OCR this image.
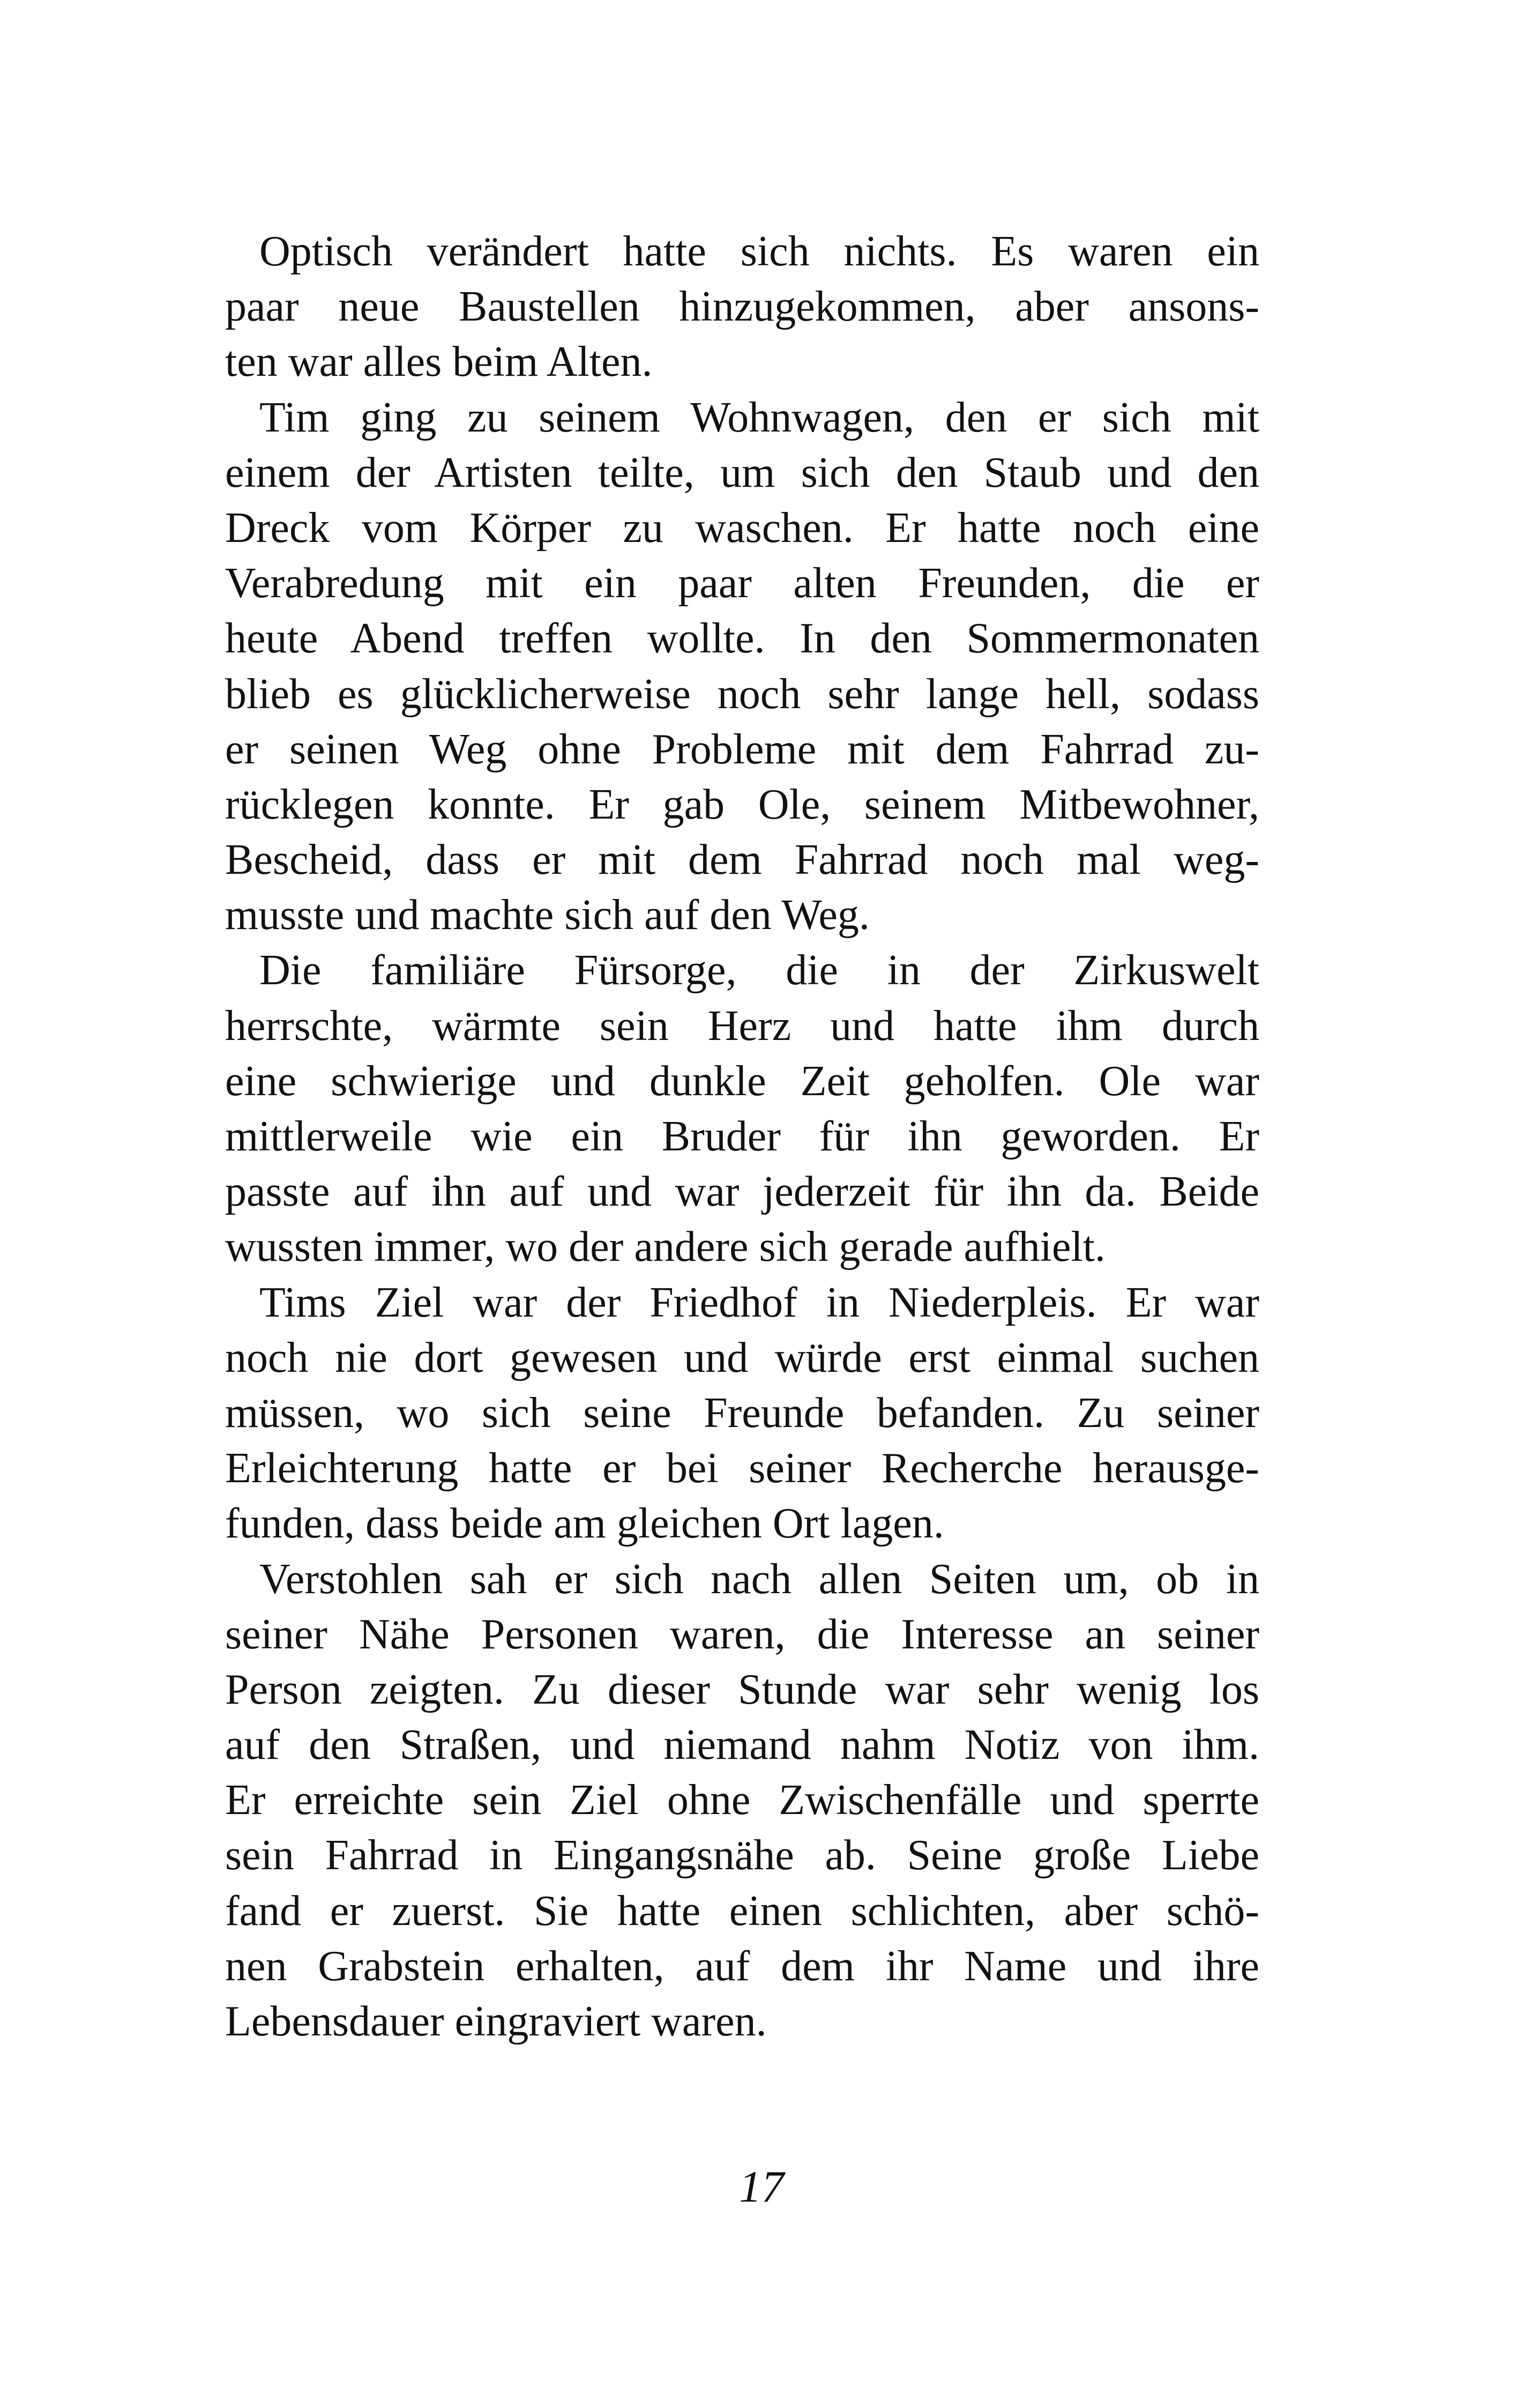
Optisch verändert hatte sich nichts. Es waren ein
paar neue Baustellen hinzugekommen, aber ansons-
ten war alles beim Alten.
Tim ging zu seinem Wohnwagen, den er sich mit
einem der Artisten teilte, um sich den Staub und den
Dreck vom Körper zu waschen. Er hatte noch eine
Verabredung mit ein paar alten Freunden, die er
heute Abend treffen wollte. In den Sommermonaten
blieb es glücklicherweise noch sehr lange hell, sodass
er seinen Weg ohne Probleme mit dem Fahrrad zu-
rücklegen konnte. Er gab Ole, seinem Mitbewohner,
Bescheid, dass er mit dem Fahrrad noch mal weg-
musste und machte sich auf den Weg.
Die familiäre Fürsorge, die in der Zirkuswelt
herrschte, wärmte sein Herz und hatte ihm durch
eine schwierige und dunkle Zeit geholfen. Ole war
mittlerweile wie ein Bruder für ihn geworden. Er
passte auf ihn auf und war jederzeit für ihn da. Beide
wussten immer, wo der andere sich gerade aufhielt.
Tims Ziel war der Friedhof in Niederpleis. Er war
noch nie dort gewesen und würde erst einmal suchen
müssen, wo sich seine Freunde befanden. Zu seiner
Erleichterung hatte er bei seiner Recherche herausge-
funden, dass beide am gleichen Ort lagen.
Verstohlen sah er sich nach allen Seiten um, ob in
seiner Nähe Personen waren, die Interesse an seiner
Person zeigten. Zu dieser Stunde war sehr wenig los
auf den Straßen, und niemand nahm Notiz von ihm.
Er erreichte sein Ziel ohne Zwischenfälle und sperrte
sein Fahrrad in Eingangsnähe ab. Seine große Liebe
fand er zuerst. Sie hatte einen schlichten, aber schö-
nen Grabstein erhalten, auf dem ihr Name und ihre
Lebensdauer eingraviert waren.
17
